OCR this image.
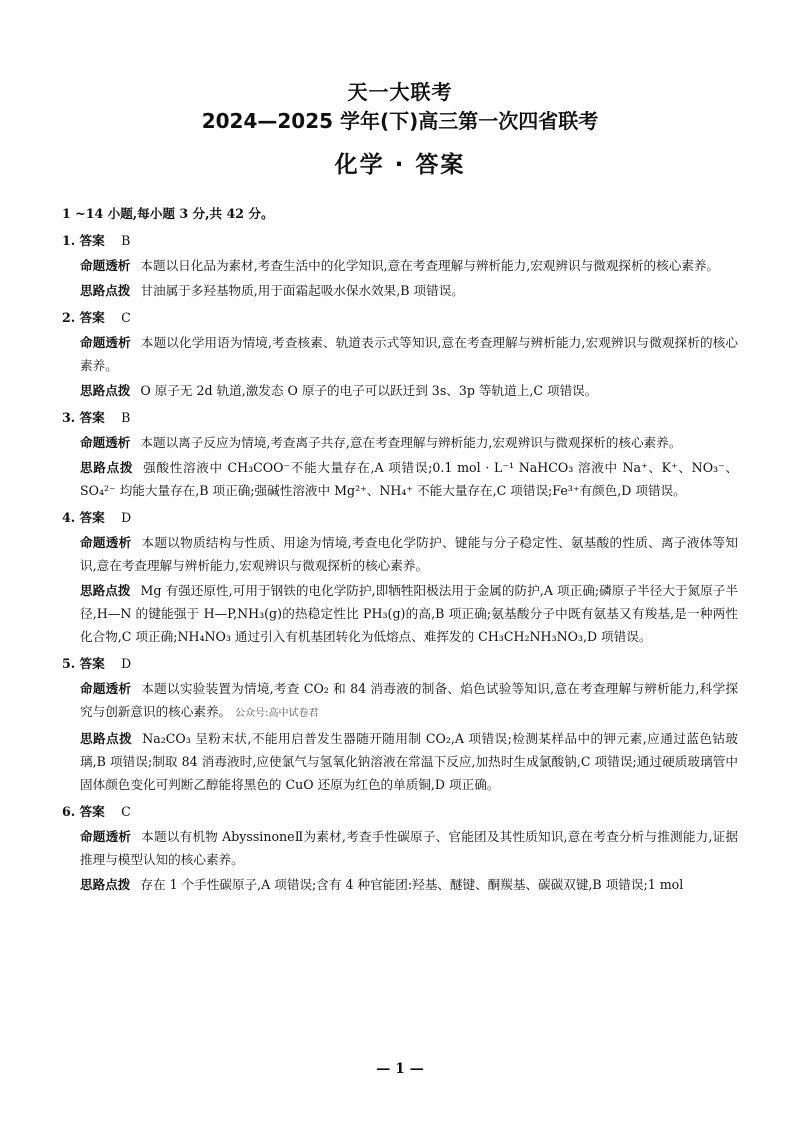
天一大联考
2024—2025 学年(下)高三第一次四省联考
化学 · 答案
1 ~14 小题,每小题 3 分,共 42 分。
1. 答案 B
命题透析 本题以日化品为素材,考查生活中的化学知识,意在考查理解与辨析能力,宏观辨识与微观探析的核心素养。
思路点拨 甘油属于多羟基物质,用于面霜起吸水保水效果,B 项错误。
2. 答案 C
命题透析 本题以化学用语为情境,考查核素、轨道表示式等知识,意在考查理解与辨析能力,宏观辨识与微观探析的核心素养。
思路点拨 O 原子无 2d 轨道,激发态 O 原子的电子可以跃迁到 3s、3p 等轨道上,C 项错误。
3. 答案 B
命题透析 本题以离子反应为情境,考查离子共存,意在考查理解与辨析能力,宏观辨识与微观探析的核心素养。
思路点拨 强酸性溶液中 CH₃COO⁻不能大量存在,A 项错误;0.1 mol · L⁻¹ NaHCO₃ 溶液中 Na⁺、K⁺、NO₃⁻、SO₄²⁻ 均能大量存在,B 项正确;强碱性溶液中 Mg²⁺、NH₄⁺ 不能大量存在,C 项错误;Fe³⁺有颜色,D 项错误。
4. 答案 D
命题透析 本题以物质结构与性质、用途为情境,考查电化学防护、键能与分子稳定性、氨基酸的性质、离子液体等知识,意在考查理解与辨析能力,宏观辨识与微观探析的核心素养。
思路点拨 Mg 有强还原性,可用于钢铁的电化学防护,即牺牲阳极法用于金属的防护,A 项正确;磷原子半径大于氮原子半径,H—N 的键能强于 H—P,NH₃(g)的热稳定性比 PH₃(g)的高,B 项正确;氨基酸分子中既有氨基又有羧基,是一种两性化合物,C 项正确;NH₄NO₃ 通过引入有机基团转化为低熔点、难挥发的 CH₃CH₂NH₃NO₃,D 项错误。
5. 答案 D
命题透析 本题以实验装置为情境,考查 CO₂ 和 84 消毒液的制备、焰色试验等知识,意在考查理解与辨析能力,科学探究与创新意识的核心素养。 公众号:高中试卷君
思路点拨 Na₂CO₃ 呈粉末状,不能用启普发生器随开随用制 CO₂,A 项错误;检测某样品中的钾元素,应通过蓝色钴玻璃,B 项错误;制取 84 消毒液时,应使氯气与氢氧化钠溶液在常温下反应,加热时生成氯酸钠,C 项错误;通过硬质玻璃管中固体颜色变化可判断乙醇能将黑色的 CuO 还原为红色的单质铜,D 项正确。
6. 答案 C
命题透析 本题以有机物 AbyssinoneⅡ为素材,考查手性碳原子、官能团及其性质知识,意在考查分析与推测能力,证据推理与模型认知的核心素养。
思路点拨 存在 1 个手性碳原子,A 项错误;含有 4 种官能团:羟基、醚键、酮羰基、碳碳双键,B 项错误;1 mol
— 1 —
